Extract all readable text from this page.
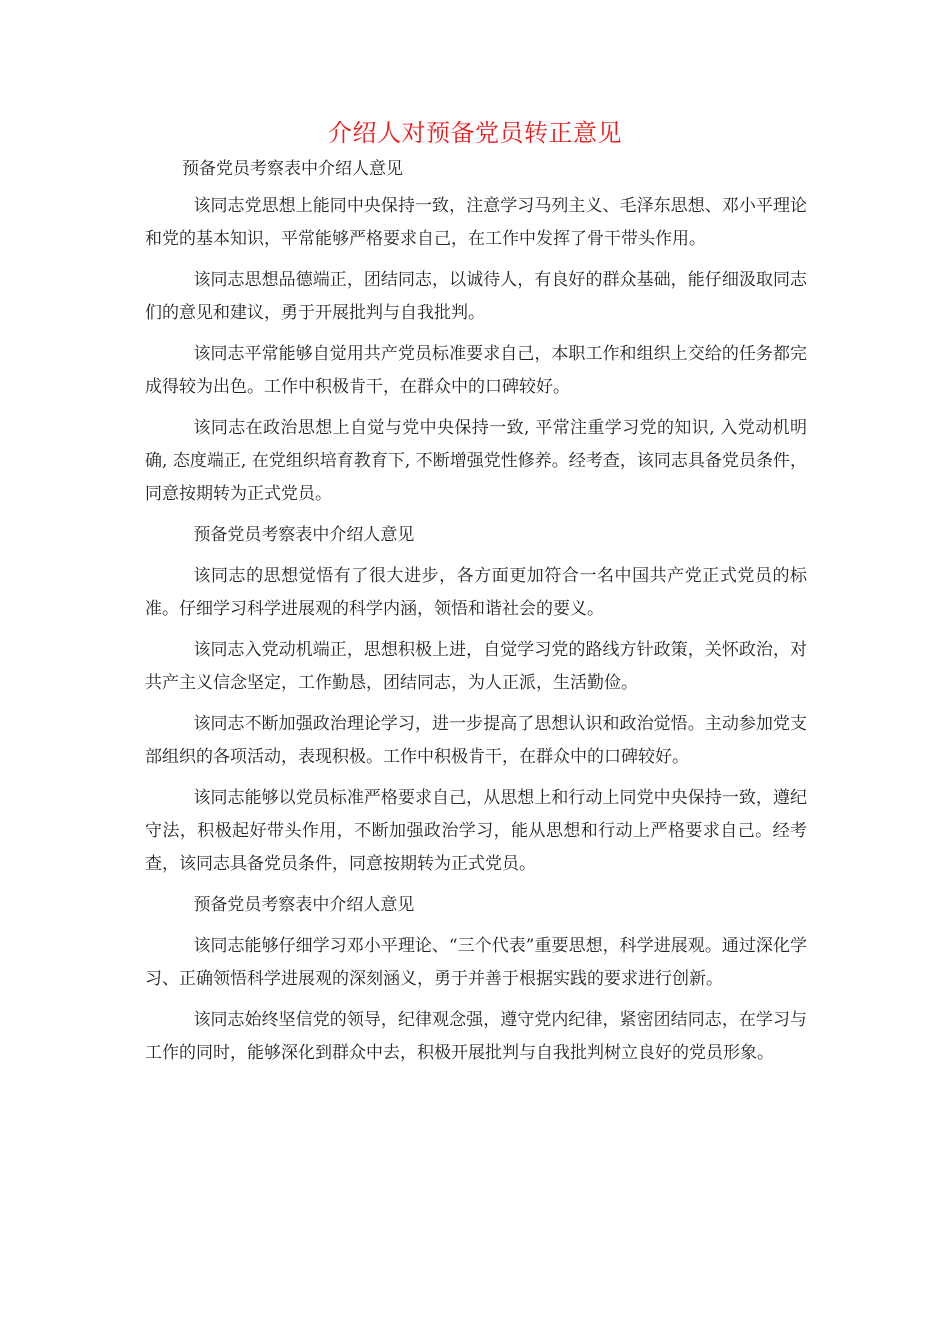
介绍人对预备党员转正意见
预备党员考察表中介绍人意见

该同志党思想上能同中央保持一致，注意学习马列主义、毛泽东思想、邓小平理论和党的基本知识，平常能够严格要求自己，在工作中发挥了骨干带头作用。

该同志思想品德端正，团结同志，以诚待人，有良好的群众基础，能仔细汲取同志们的意见和建议，勇于开展批判与自我批判。

该同志平常能够自觉用共产党员标准要求自己，本职工作和组织上交给的任务都完成得较为出色。工作中积极肯干，在群众中的口碑较好。

该同志在政治思想上自觉与党中央保持一致, 平常注重学习党的知识, 入党动机明确, 态度端正, 在党组织培育教育下, 不断增强党性修养。经考查，该同志具备党员条件，同意按期转为正式党员。

预备党员考察表中介绍人意见

该同志的思想觉悟有了很大进步，各方面更加符合一名中国共产党正式党员的标准。仔细学习科学进展观的科学内涵，领悟和谐社会的要义。

该同志入党动机端正，思想积极上进，自觉学习党的路线方针政策，关怀政治，对共产主义信念坚定，工作勤恳，团结同志，为人正派，生活勤俭。

该同志不断加强政治理论学习，进一步提高了思想认识和政治觉悟。主动参加党支部组织的各项活动，表现积极。工作中积极肯干，在群众中的口碑较好。

该同志能够以党员标准严格要求自己，从思想上和行动上同党中央保持一致，遵纪守法，积极起好带头作用，不断加强政治学习，能从思想和行动上严格要求自己。经考查，该同志具备党员条件，同意按期转为正式党员。

预备党员考察表中介绍人意见

该同志能够仔细学习邓小平理论、“三个代表”重要思想，科学进展观。通过深化学习、正确领悟科学进展观的深刻涵义，勇于并善于根据实践的要求进行创新。

该同志始终坚信党的领导，纪律观念强，遵守党内纪律，紧密团结同志，在学习与工作的同时，能够深化到群众中去，积极开展批判与自我批判树立良好的党员形象。
